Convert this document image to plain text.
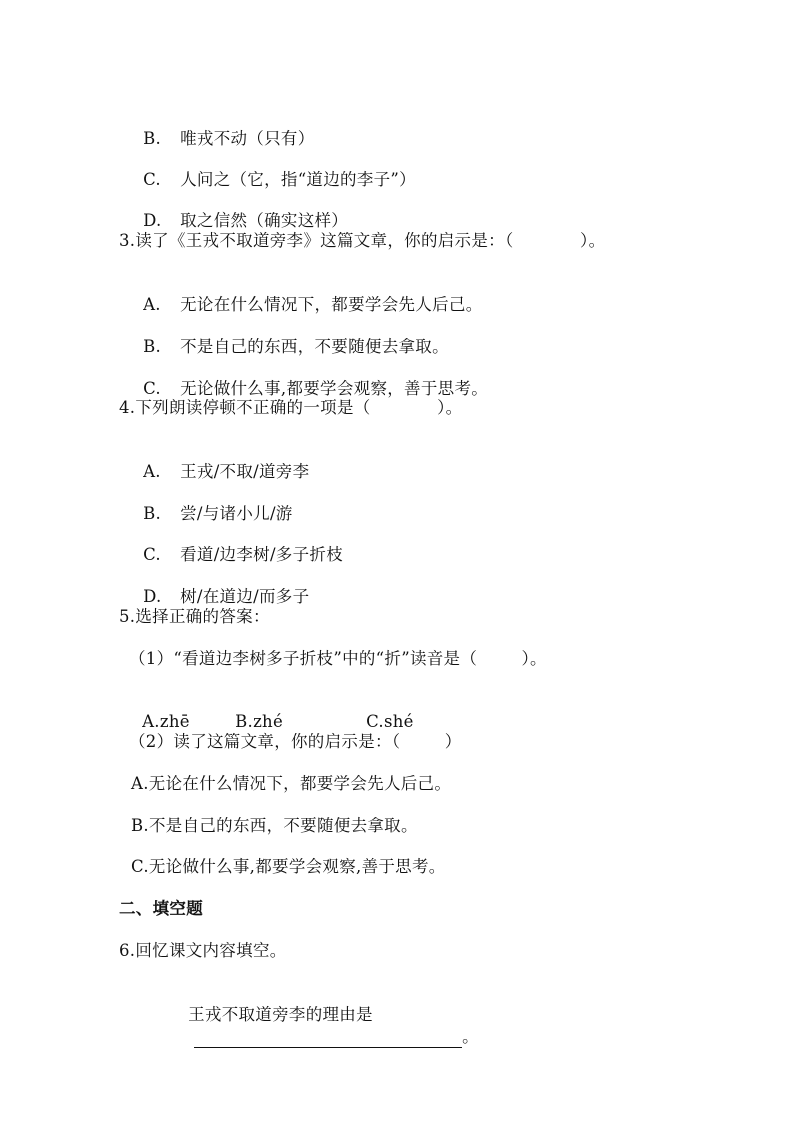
B. 唯戎不动（只有）

C. 人问之（它，指“道边的李子”）

D. 取之信然（确实这样）

3.读了《王戎不取道旁李》这篇文章，你的启示是：（            ）。

A. 无论在什么情况下，都要学会先人后己。

B. 不是自己的东西，不要随便去拿取。

C. 无论做什么事,都要学会观察，善于思考。

4.下列朗读停顿不正确的一项是（            ）。

A. 王戎/不取/道旁李

B. 尝/与诸小儿/游

C. 看道/边李树/多子折枝

D. 树/在道边/而多子

5.选择正确的答案：
（1）“看道边李树多子折枝”中的“折”读音是（        ）。

A.zhē	B.zhé	C.shé

（2）读了这篇文章，你的启示是：（        ）
A.无论在什么情况下，都要学会先人后己。
B.不是自己的东西，不要随便去拿取。
C.无论做什么事,都要学会观察,善于思考。
二、填空题
6.回忆课文内容填空。

王戎不取道旁李的理由是
。
